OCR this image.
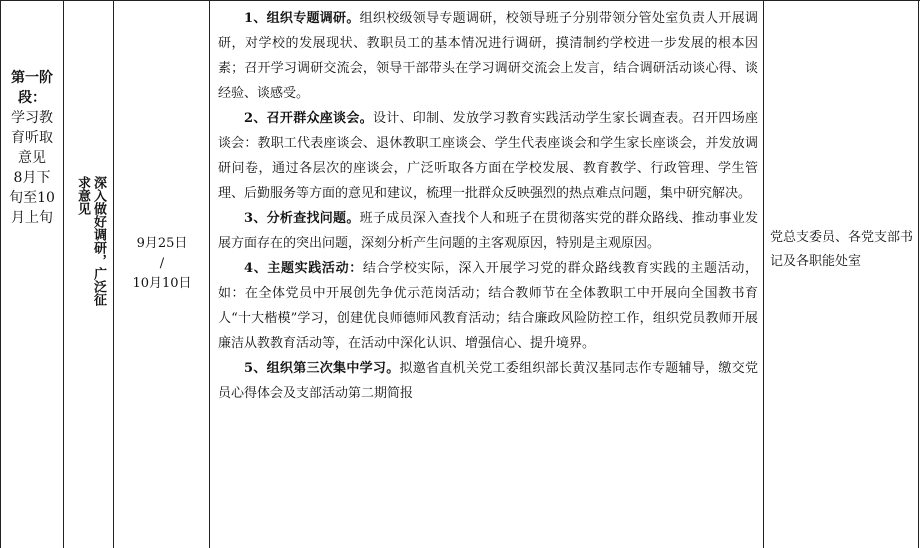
第一阶段：
学习教育听取意见
8月下旬至10月上旬	深入做好调研，广泛征求意见
9月25日
/
10月10日

1、组织专题调研。组织校级领导专题调研，校领导班子分别带领分管处室负责人开展调研，对学校的发展现状、教职员工的基本情况进行调研，摸清制约学校进一步发展的根本因素；召开学习调研交流会，领导干部带头在学习调研交流会上发言，结合调研活动谈心得、谈经验、谈感受。

2、召开群众座谈会。设计、印制、发放学习教育实践活动学生家长调查表。召开四场座谈会：教职工代表座谈会、退休教职工座谈会、学生代表座谈会和学生家长座谈会，并发放调研问卷，通过各层次的座谈会，广泛听取各方面在学校发展、教育教学、行政管理、学生管理、后勤服务等方面的意见和建议，梳理一批群众反映强烈的热点难点问题，集中研究解决。

3、分析查找问题。班子成员深入查找个人和班子在贯彻落实党的群众路线、推动事业发展方面存在的突出问题，深刻分析产生问题的主客观原因，特别是主观原因。

4、主题实践活动：结合学校实际，深入开展学习党的群众路线教育实践的主题活动，如：在全体党员中开展创先争优示范岗活动；结合教师节在全体教职工中开展向全国教书育人“十大楷模”学习，创建优良师德师风教育活动；结合廉政风险防控工作，组织党员教师开展廉洁从教教育活动等，在活动中深化认识、增强信心、提升境界。

5、组织第三次集中学习。拟邀省直机关党工委组织部长黄汉基同志作专题辅导，缴交党员心得体会及支部活动第二期简报

党总支委员、各党支部书记及各职能处室
